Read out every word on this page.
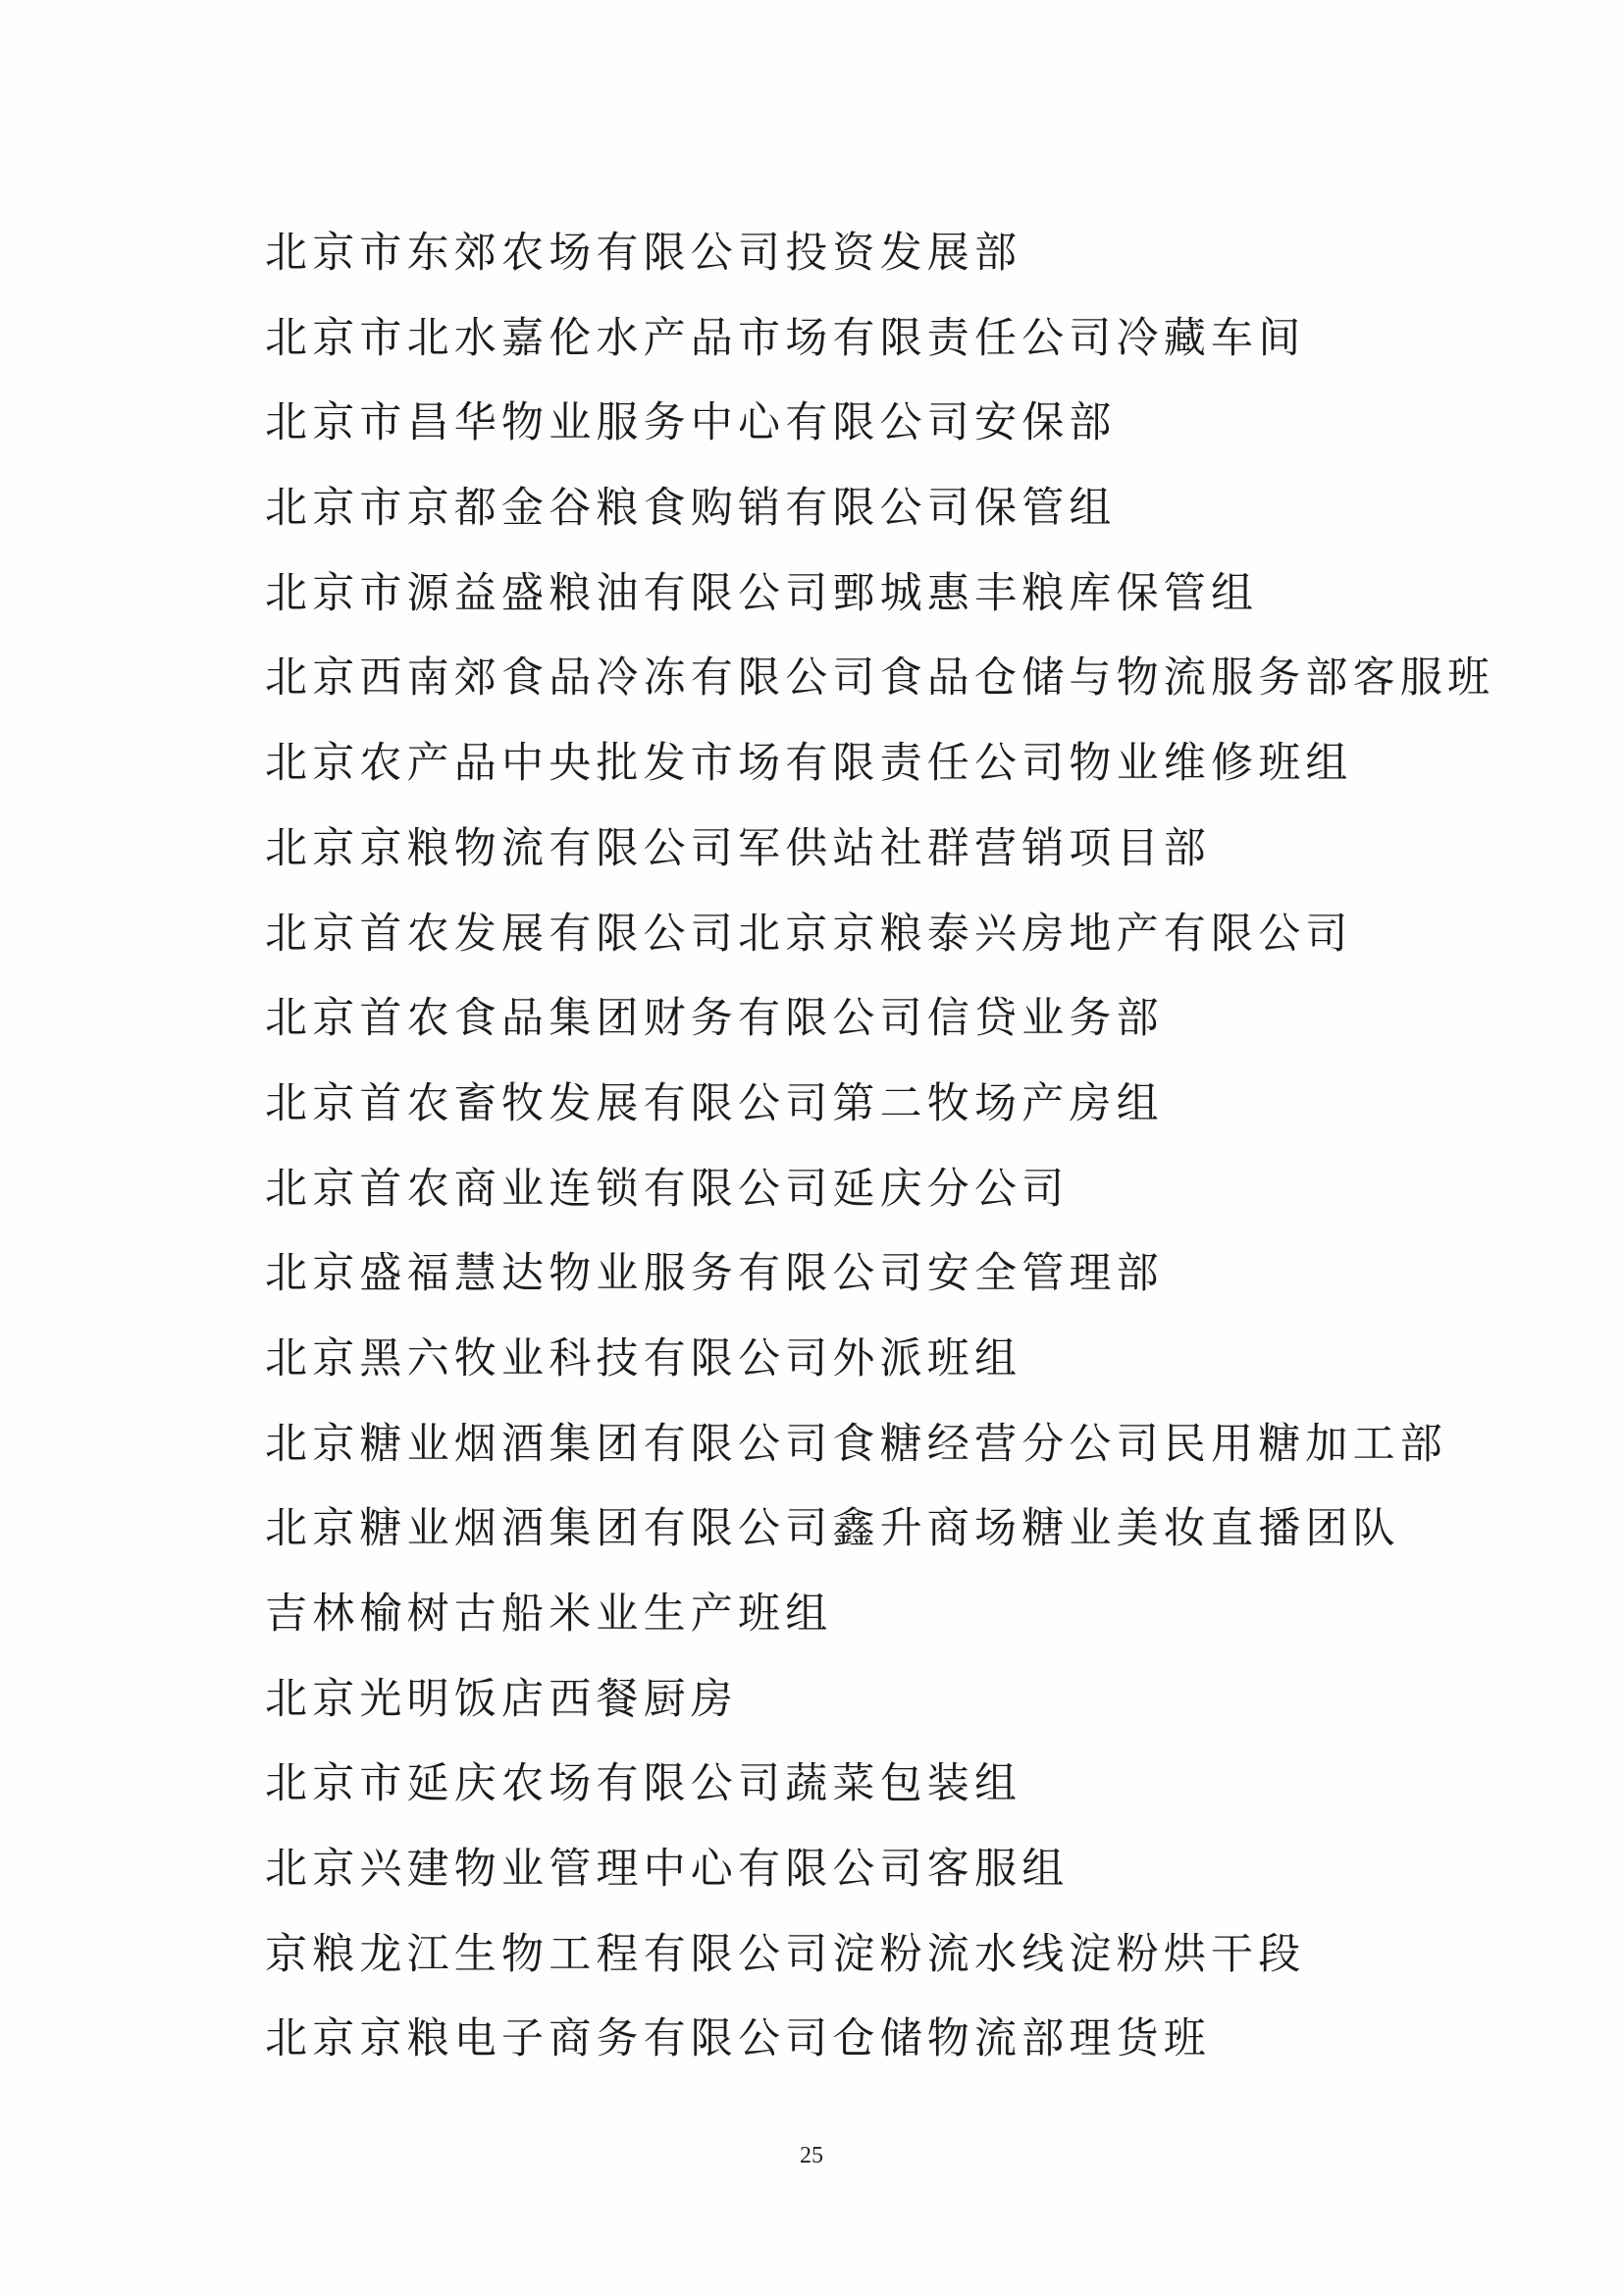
北京市东郊农场有限公司投资发展部
北京市北水嘉伦水产品市场有限责任公司冷藏车间
北京市昌华物业服务中心有限公司安保部
北京市京都金谷粮食购销有限公司保管组
北京市源益盛粮油有限公司鄄城惠丰粮库保管组
北京西南郊食品冷冻有限公司食品仓储与物流服务部客服班
北京农产品中央批发市场有限责任公司物业维修班组
北京京粮物流有限公司军供站社群营销项目部
北京首农发展有限公司北京京粮泰兴房地产有限公司
北京首农食品集团财务有限公司信贷业务部
北京首农畜牧发展有限公司第二牧场产房组
北京首农商业连锁有限公司延庆分公司
北京盛福慧达物业服务有限公司安全管理部
北京黑六牧业科技有限公司外派班组
北京糖业烟酒集团有限公司食糖经营分公司民用糖加工部
北京糖业烟酒集团有限公司鑫升商场糖业美妆直播团队
吉林榆树古船米业生产班组
北京光明饭店西餐厨房
北京市延庆农场有限公司蔬菜包装组
北京兴建物业管理中心有限公司客服组
京粮龙江生物工程有限公司淀粉流水线淀粉烘干段
北京京粮电子商务有限公司仓储物流部理货班
25
